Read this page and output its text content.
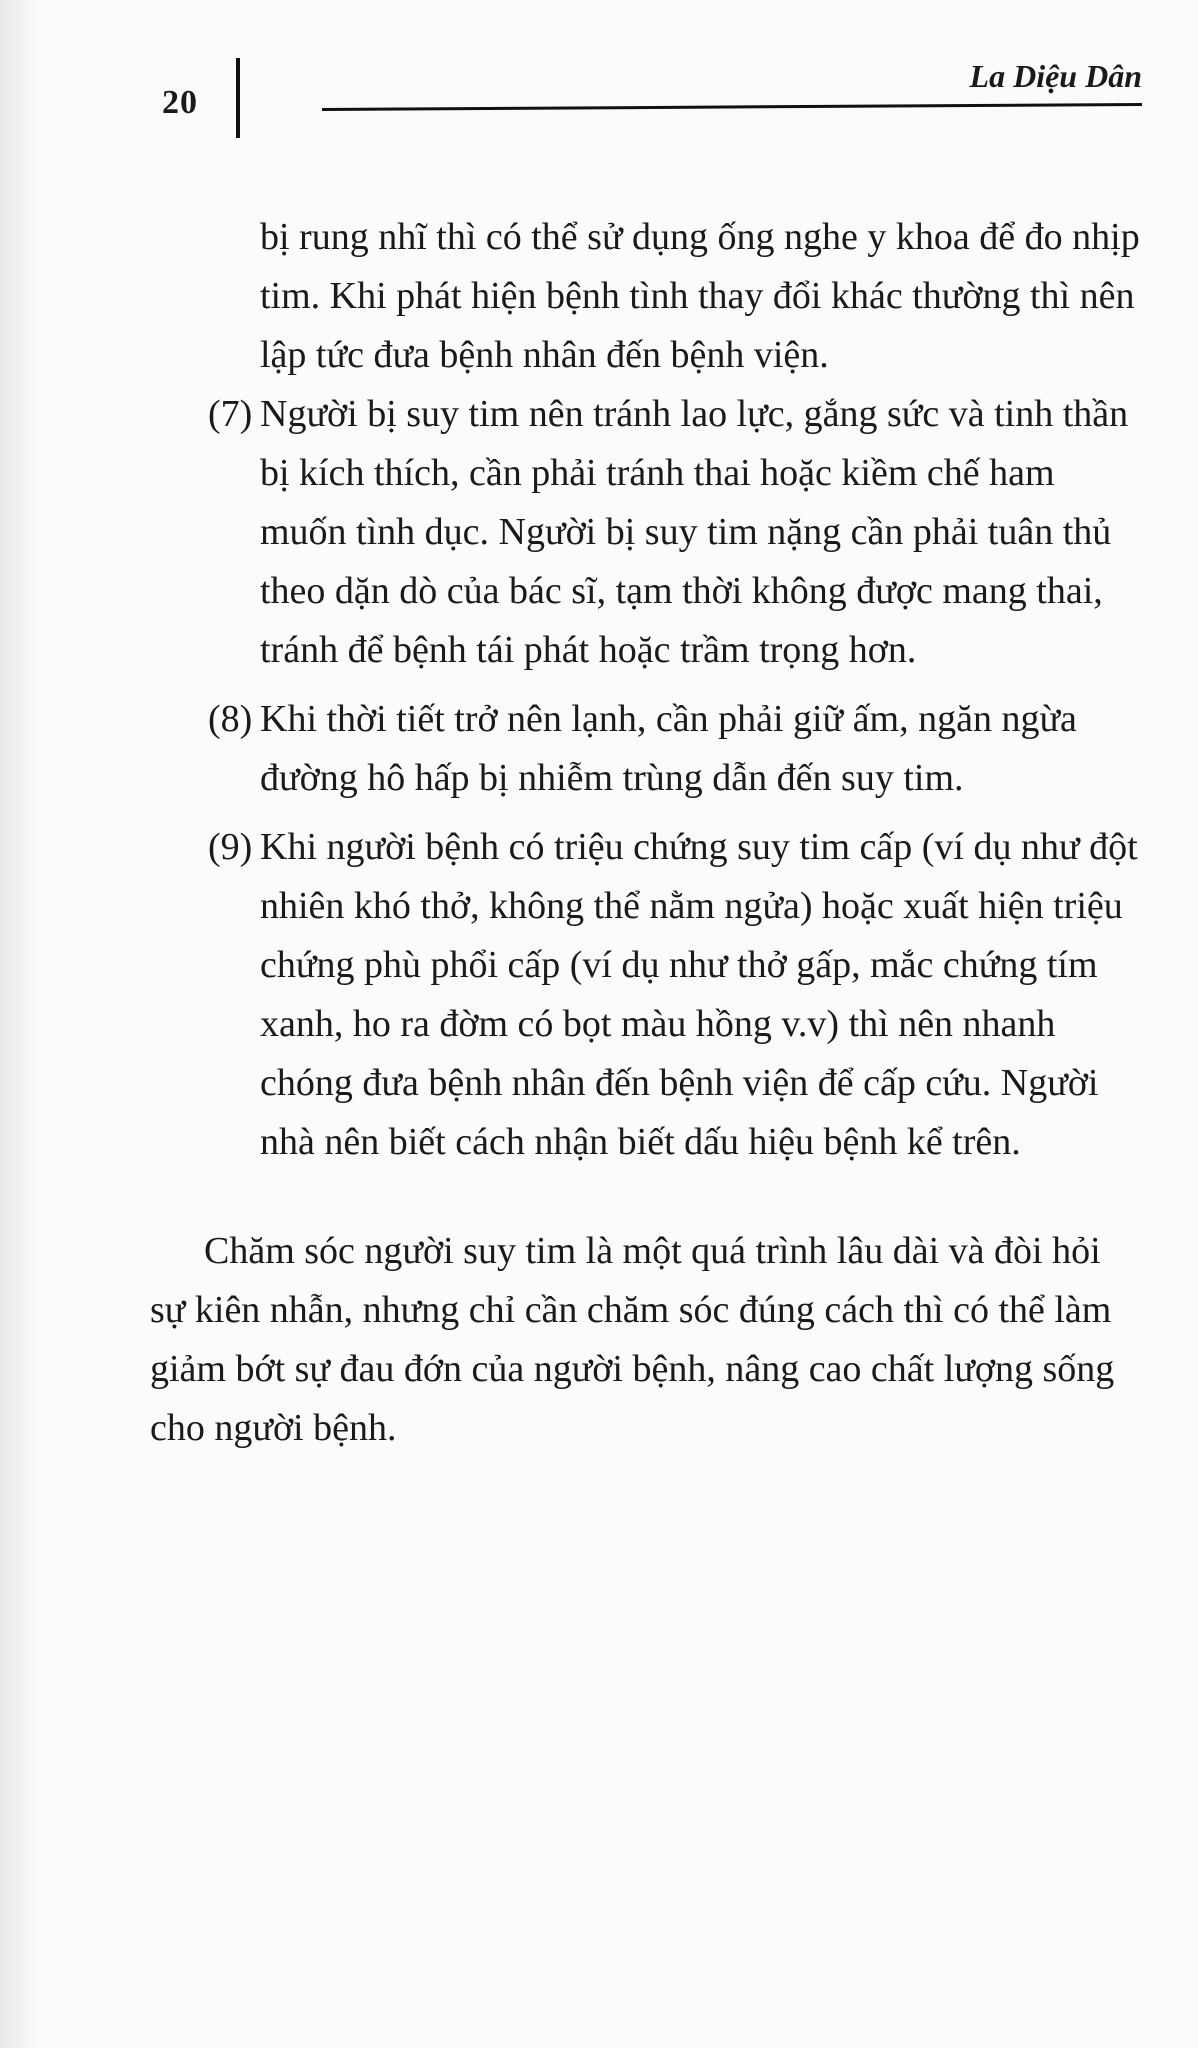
20
La Diệu Dân
bị rung nhĩ thì có thể sử dụng ống nghe y khoa để đo nhịp tim. Khi phát hiện bệnh tình thay đổi khác thường thì nên lập tức đưa bệnh nhân đến bệnh viện.
(7) Người bị suy tim nên tránh lao lực, gắng sức và tinh thần bị kích thích, cần phải tránh thai hoặc kiềm chế ham muốn tình dục. Người bị suy tim nặng cần phải tuân thủ theo dặn dò của bác sĩ, tạm thời không được mang thai, tránh để bệnh tái phát hoặc trầm trọng hơn.
(8) Khi thời tiết trở nên lạnh, cần phải giữ ấm, ngăn ngừa đường hô hấp bị nhiễm trùng dẫn đến suy tim.
(9) Khi người bệnh có triệu chứng suy tim cấp (ví dụ như đột nhiên khó thở, không thể nằm ngửa) hoặc xuất hiện triệu chứng phù phổi cấp (ví dụ như thở gấp, mắc chứng tím xanh, ho ra đờm có bọt màu hồng v.v) thì nên nhanh chóng đưa bệnh nhân đến bệnh viện để cấp cứu. Người nhà nên biết cách nhận biết dấu hiệu bệnh kể trên.
Chăm sóc người suy tim là một quá trình lâu dài và đòi hỏi sự kiên nhẫn, nhưng chỉ cần chăm sóc đúng cách thì có thể làm giảm bớt sự đau đớn của người bệnh, nâng cao chất lượng sống cho người bệnh.
